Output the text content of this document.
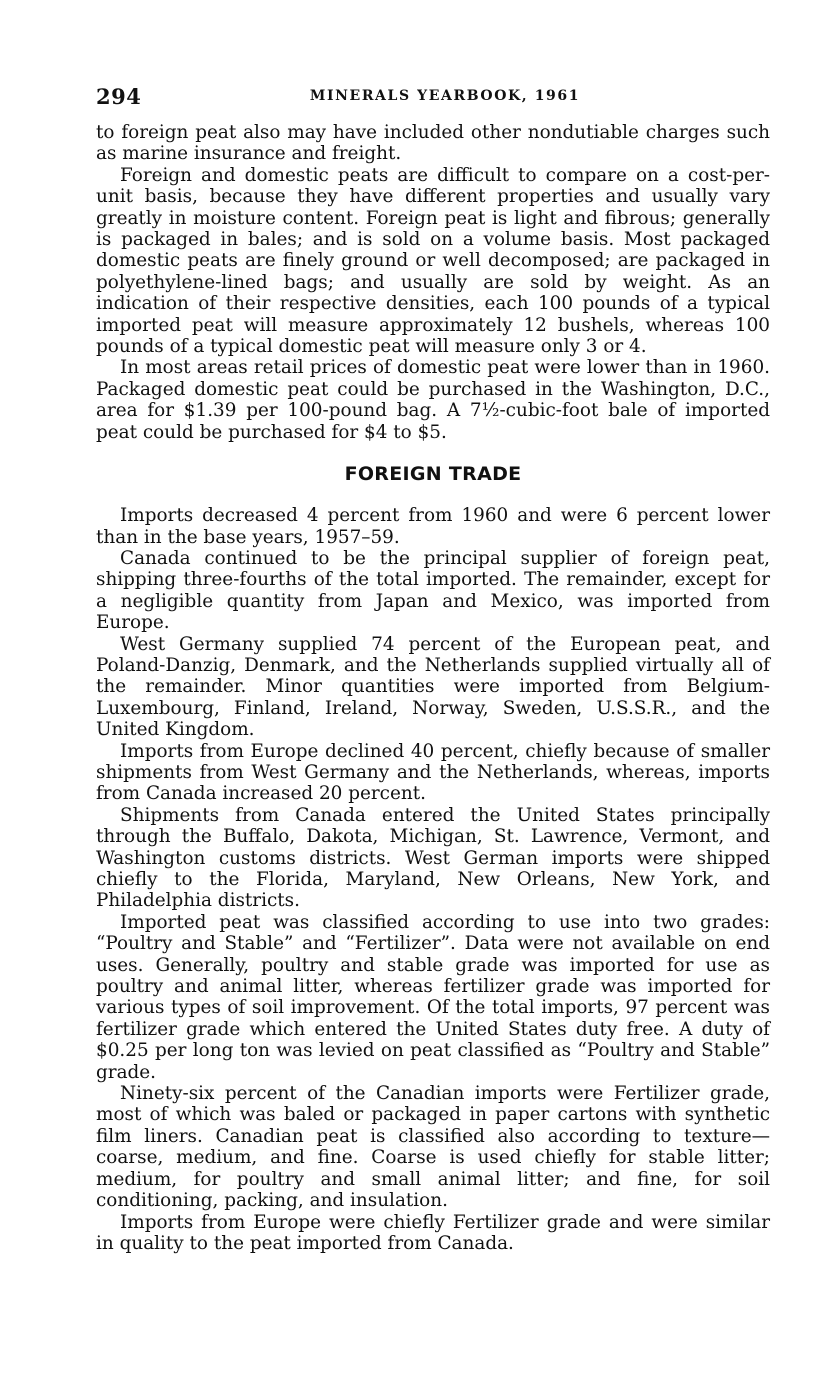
294	MINERALS YEARBOOK, 1961

to foreign peat also may have included other nondutiable charges such as marine insurance and freight.

Foreign and domestic peats are difficult to compare on a cost-per-unit basis, because they have different properties and usually vary greatly in moisture content. Foreign peat is light and fibrous; generally is packaged in bales; and is sold on a volume basis. Most packaged domestic peats are finely ground or well decomposed; are packaged in polyethylene-lined bags; and usually are sold by weight. As an indication of their respective densities, each 100 pounds of a typical imported peat will measure approximately 12 bushels, whereas 100 pounds of a typical domestic peat will measure only 3 or 4.

In most areas retail prices of domestic peat were lower than in 1960. Packaged domestic peat could be purchased in the Washington, D.C., area for $1.39 per 100-pound bag. A 7½-cubic-foot bale of imported peat could be purchased for $4 to $5.

FOREIGN TRADE

Imports decreased 4 percent from 1960 and were 6 percent lower than in the base years, 1957–59.

Canada continued to be the principal supplier of foreign peat, shipping three-fourths of the total imported. The remainder, except for a negligible quantity from Japan and Mexico, was imported from Europe.

West Germany supplied 74 percent of the European peat, and Poland-Danzig, Denmark, and the Netherlands supplied virtually all of the remainder. Minor quantities were imported from Belgium-Luxembourg, Finland, Ireland, Norway, Sweden, U.S.S.R., and the United Kingdom.

Imports from Europe declined 40 percent, chiefly because of smaller shipments from West Germany and the Netherlands, whereas, imports from Canada increased 20 percent.

Shipments from Canada entered the United States principally through the Buffalo, Dakota, Michigan, St. Lawrence, Vermont, and Washington customs districts. West German imports were shipped chiefly to the Florida, Maryland, New Orleans, New York, and Philadelphia districts.

Imported peat was classified according to use into two grades: “Poultry and Stable” and “Fertilizer”. Data were not available on end uses. Generally, poultry and stable grade was imported for use as poultry and animal litter, whereas fertilizer grade was imported for various types of soil improvement. Of the total imports, 97 percent was fertilizer grade which entered the United States duty free. A duty of $0.25 per long ton was levied on peat classified as “Poultry and Stable” grade.

Ninety-six percent of the Canadian imports were Fertilizer grade, most of which was baled or packaged in paper cartons with synthetic film liners. Canadian peat is classified also according to texture—coarse, medium, and fine. Coarse is used chiefly for stable litter; medium, for poultry and small animal litter; and fine, for soil conditioning, packing, and insulation.

Imports from Europe were chiefly Fertilizer grade and were similar in quality to the peat imported from Canada.
